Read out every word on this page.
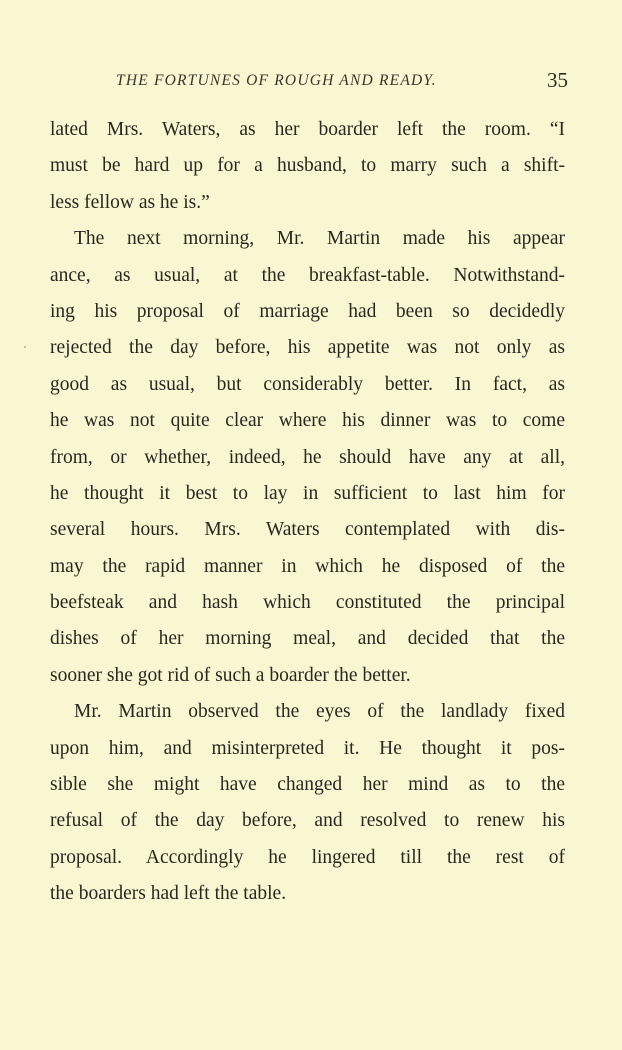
THE FORTUNES OF ROUGH AND READY.	35
lated Mrs. Waters, as her boarder left the room. “I
must be hard up for a husband, to marry such a shift-
less fellow as he is.”
The next morning, Mr. Martin made his appear
ance, as usual, at the breakfast-table. Notwithstand-
ing his proposal of marriage had been so decidedly
rejected the day before, his appetite was not only as
good as usual, but considerably better. In fact, as
he was not quite clear where his dinner was to come
from, or whether, indeed, he should have any at all,
he thought it best to lay in sufficient to last him for
several hours. Mrs. Waters contemplated with dis-
may the rapid manner in which he disposed of the
beefsteak and hash which constituted the principal
dishes of her morning meal, and decided that the
sooner she got rid of such a boarder the better.
Mr. Martin observed the eyes of the landlady fixed
upon him, and misinterpreted it. He thought it pos-
sible she might have changed her mind as to the
refusal of the day before, and resolved to renew his
proposal. Accordingly he lingered till the rest of
the boarders had left the table.
